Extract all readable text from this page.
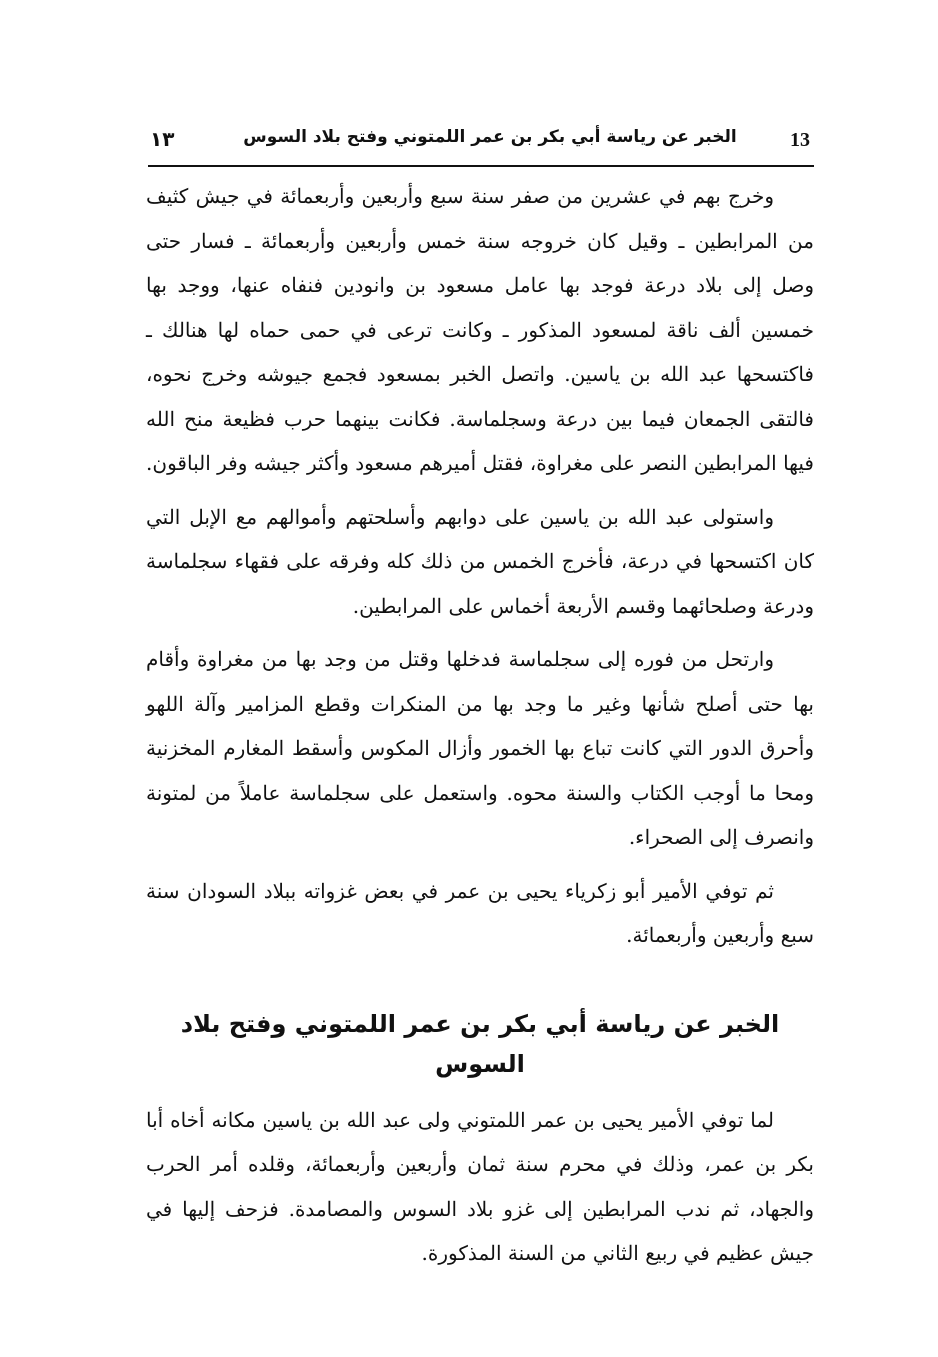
١٣	الخبر عن رياسة أبي بكر بن عمر اللمتوني وفتح بلاد السوس	13

وخرج بهم في عشرين من صفر سنة سبع وأربعين وأربعمائة في جيش كثيف من المرابطين ـ وقيل كان خروجه سنة خمس وأربعين وأربعمائة ـ فسار حتى وصل إلى بلاد درعة فوجد بها عامل مسعود بن وانودين فنفاه عنها، ووجد بها خمسين ألف ناقة لمسعود المذكور ـ وكانت ترعى في حمى حماه لها هنالك ـ فاكتسحها عبد الله بن ياسين. واتصل الخبر بمسعود فجمع جيوشه وخرج نحوه، فالتقى الجمعان فيما بين درعة وسجلماسة. فكانت بينهما حرب فظيعة منح الله فيها المرابطين النصر على مغراوة، فقتل أميرهم مسعود وأكثر جيشه وفر الباقون.

واستولى عبد الله بن ياسين على دوابهم وأسلحتهم وأموالهم مع الإبل التي كان اكتسحها في درعة، فأخرج الخمس من ذلك كله وفرقه على فقهاء سجلماسة ودرعة وصلحائهما وقسم الأربعة أخماس على المرابطين.

وارتحل من فوره إلى سجلماسة فدخلها وقتل من وجد بها من مغراوة وأقام بها حتى أصلح شأنها وغير ما وجد بها من المنكرات وقطع المزامير وآلة اللهو وأحرق الدور التي كانت تباع بها الخمور وأزال المكوس وأسقط المغارم المخزنية ومحا ما أوجب الكتاب والسنة محوه. واستعمل على سجلماسة عاملاً من لمتونة وانصرف إلى الصحراء.

ثم توفي الأمير أبو زكرياء يحيى بن عمر في بعض غزواته ببلاد السودان سنة سبع وأربعين وأربعمائة.

الخبر عن رياسة أبي بكر بن عمر اللمتوني وفتح بلاد السوس

لما توفي الأمير يحيى بن عمر اللمتوني ولى عبد الله بن ياسين مكانه أخاه أبا بكر بن عمر، وذلك في محرم سنة ثمان وأربعين وأربعمائة، وقلده أمر الحرب والجهاد، ثم ندب المرابطين إلى غزو بلاد السوس والمصامدة. فزحف إليها في جيش عظيم في ربيع الثاني من السنة المذكورة.
